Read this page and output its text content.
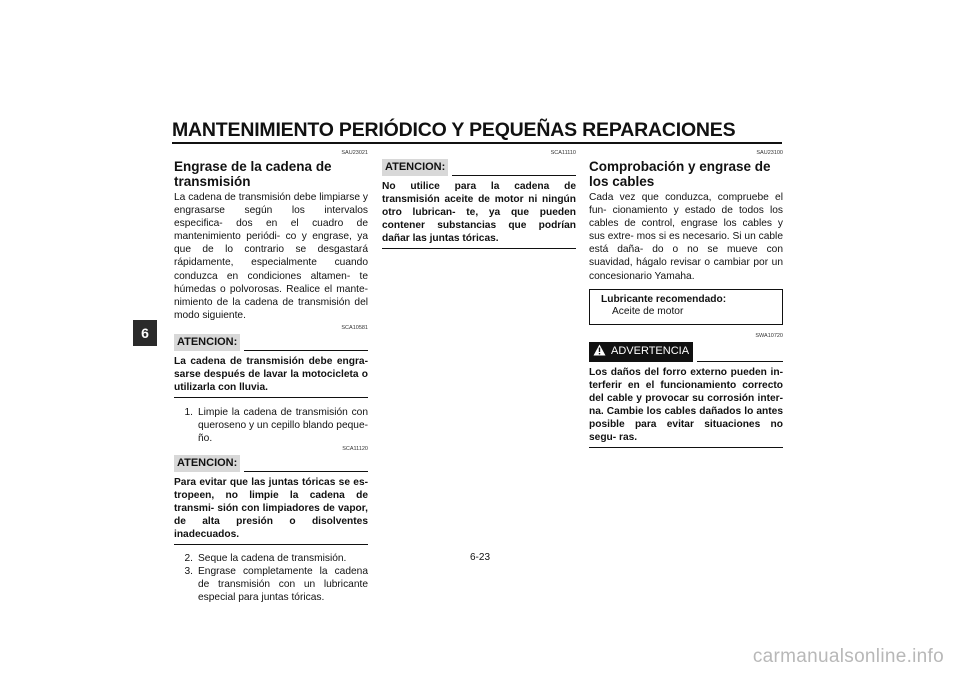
MANTENIMIENTO PERIÓDICO Y PEQUEÑAS REPARACIONES
6
SAU23021
Engrase de la cadena de transmisión

La cadena de transmisión debe limpiarse y engrasarse según los intervalos especifica- dos en el cuadro de mantenimiento periódi- co y engrase, ya que de lo contrario se desgastará rápidamente, especialmente cuando conduzca en condiciones altamen- te húmedas o polvorosas. Realice el mante- nimiento de la cadena de transmisión del modo siguiente.

SCA10581
ATENCION:
La cadena de transmisión debe engra- sarse después de lavar la motocicleta o utilizarla con lluvia.
1. Limpie la cadena de transmisión con queroseno y un cepillo blando peque- ño.
SCA11120
ATENCION:
Para evitar que las juntas tóricas se es- tropeen, no limpie la cadena de transmi- sión con limpiadores de vapor, de alta presión o disolventes inadecuados.
2. Seque la cadena de transmisión.
3. Engrase completamente la cadena de transmisión con un lubricante especial para juntas tóricas.
SCA11110
ATENCION:
No utilice para la cadena de transmisión aceite de motor ni ningún otro lubrican- te, ya que pueden contener substancias que podrían dañar las juntas tóricas.
SAU23100
Comprobación y engrase de los cables

Cada vez que conduzca, compruebe el fun- cionamiento y estado de todos los cables de control, engrase los cables y sus extre- mos si es necesario. Si un cable está daña- do o no se mueve con suavidad, hágalo revisar o cambiar por un concesionario Yamaha.

Lubricante recomendado:
Aceite de motor
SWA10720
ADVERTENCIA
Los daños del forro externo pueden in- terferir en el funcionamiento correcto del cable y provocar su corrosión inter- na. Cambie los cables dañados lo antes posible para evitar situaciones no segu- ras.
6-23
carmanualsonline.info
